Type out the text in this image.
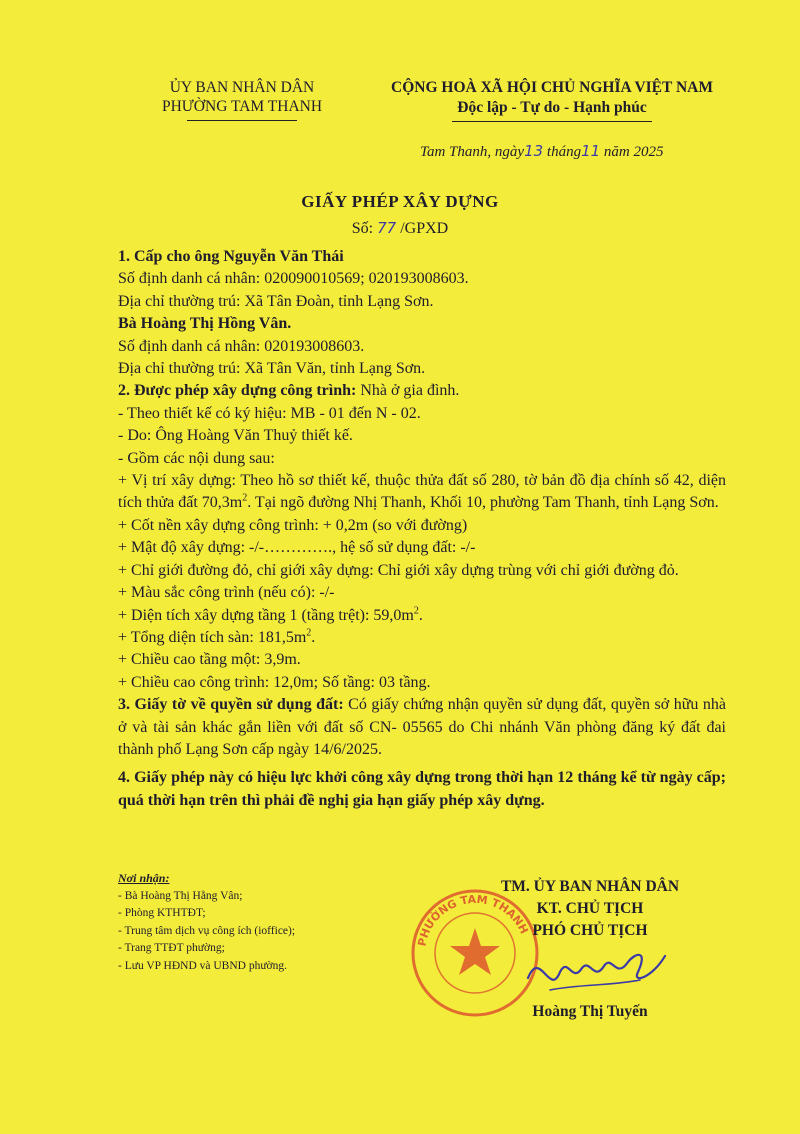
ỦY BAN NHÂN DÂN
PHƯỜNG TAM THANH
CỘNG HOÀ XÃ HỘI CHỦ NGHĨA VIỆT NAM
Độc lập - Tự do - Hạnh phúc
Tam Thanh, ngày13 tháng11 năm 2025
GIẤY PHÉP XÂY DỰNG
Số: 77 /GPXD

1. Cấp cho ông Nguyễn Văn Thái

Số định danh cá nhân: 020090010569; 020193008603.

Địa chỉ thường trú: Xã Tân Đoàn, tỉnh Lạng Sơn.

Bà Hoàng Thị Hồng Vân.

Số định danh cá nhân: 020193008603.

Địa chỉ thường trú: Xã Tân Văn, tỉnh Lạng Sơn.

2. Được phép xây dựng công trình: Nhà ở gia đình.

- Theo thiết kế có ký hiệu: MB - 01 đến N - 02.

- Do: Ông Hoàng Văn Thuỷ thiết kế.

- Gồm các nội dung sau:

+ Vị trí xây dựng: Theo hồ sơ thiết kế, thuộc thửa đất số 280, tờ bản đồ địa chính số 42, diện tích thửa đất $70,3m^2$. Tại ngõ đường Nhị Thanh, Khối 10, phường Tam Thanh, tỉnh Lạng Sơn.

+ Cốt nền xây dựng công trình: + 0,2m (so với đường)

+ Mật độ xây dựng: -/-…………., hệ số sử dụng đất: -/-

+ Chỉ giới đường đỏ, chỉ giới xây dựng: Chỉ giới xây dựng trùng với chỉ giới đường đỏ.

+ Màu sắc công trình (nếu có): -/-

+ Diện tích xây dựng tầng 1 (tầng trệt): $59,0m^2$.

+ Tổng diện tích sàn: $181,5m^2$.

+ Chiều cao tầng một: 3,9m.

+ Chiều cao công trình: 12,0m; Số tầng: 03 tầng.

3. Giấy tờ về quyền sử dụng đất: Có giấy chứng nhận quyền sử dụng đất, quyền sở hữu nhà ở và tài sản khác gắn liền với đất số CN- 05565 do Chi nhánh Văn phòng đăng ký đất đai thành phố Lạng Sơn cấp ngày 14/6/2025.

4. Giấy phép này có hiệu lực khởi công xây dựng trong thời hạn 12 tháng kể từ ngày cấp; quá thời hạn trên thì phải đề nghị gia hạn giấy phép xây dựng.

Nơi nhận:

- Bà Hoàng Thị Hằng Vân;

- Phòng KTHTĐT;

- Trung tâm dịch vụ công ích (ioffice);

- Trang TTĐT phường;

- Lưu VP HĐND và UBND phường.

PHƯỜNG TAM THANH
TM. ỦY BAN NHÂN DÂN
KT. CHỦ TỊCH
PHÓ CHỦ TỊCH
Hoàng Thị Tuyến
